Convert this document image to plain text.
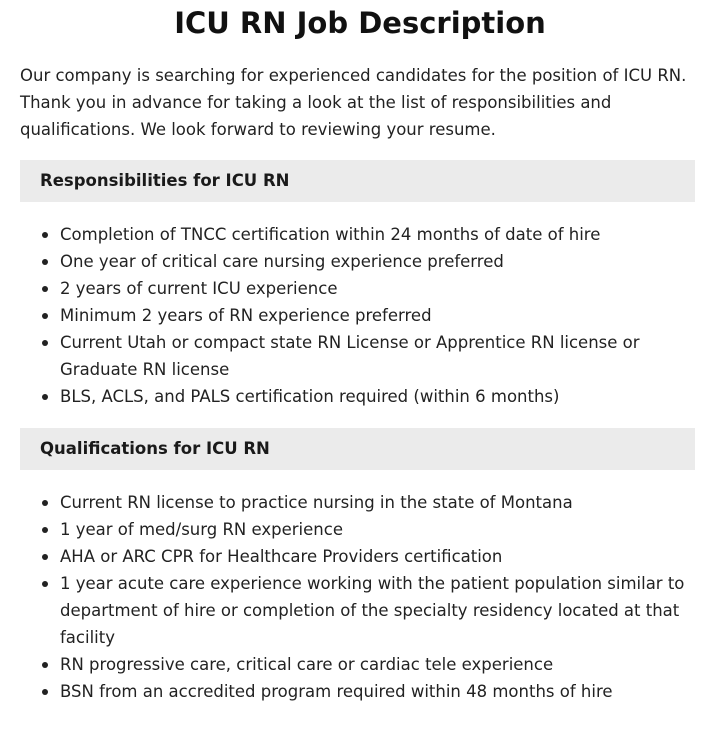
ICU RN Job Description

Our company is searching for experienced candidates for the position of ICU RN. Thank you in advance for taking a look at the list of responsibilities and qualifications. We look forward to reviewing your resume.

Responsibilities for ICU RN
Completion of TNCC certification within 24 months of date of hire
One year of critical care nursing experience preferred
2 years of current ICU experience
Minimum 2 years of RN experience preferred
Current Utah or compact state RN License or Apprentice RN license or Graduate RN license
BLS, ACLS, and PALS certification required (within 6 months)
Qualifications for ICU RN
Current RN license to practice nursing in the state of Montana
1 year of med/surg RN experience
AHA or ARC CPR for Healthcare Providers certification
1 year acute care experience working with the patient population similar to department of hire or completion of the specialty residency located at that facility
RN progressive care, critical care or cardiac tele experience
BSN from an accredited program required within 48 months of hire
